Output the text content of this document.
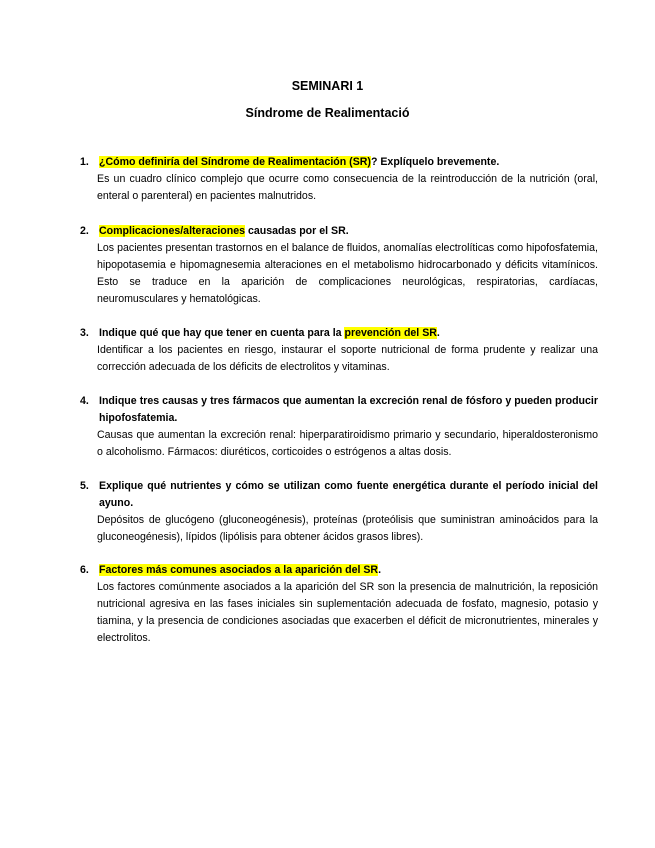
SEMINARI 1
Síndrome de Realimentació
1. ¿Cómo definiría del Síndrome de Realimentación (SR)? Explíquelo brevemente.
Es un cuadro clínico complejo que ocurre como consecuencia de la reintroducción de la nutrición (oral, enteral o parenteral) en pacientes malnutridos.
2. Complicaciones/alteraciones causadas por el SR.
Los pacientes presentan trastornos en el balance de fluidos, anomalías electrolíticas como hipofosfatemia, hipopotasemia e hipomagnesemia alteraciones en el metabolismo hidrocarbonado y déficits vitamínicos. Esto se traduce en la aparición de complicaciones neurológicas, respiratorias, cardíacas, neuromusculares y hematológicas.
3. Indique qué que hay que tener en cuenta para la prevención del SR.
Identificar a los pacientes en riesgo, instaurar el soporte nutricional de forma prudente y realizar una corrección adecuada de los déficits de electrolitos y vitaminas.
4. Indique tres causas y tres fármacos que aumentan la excreción renal de fósforo y pueden producir hipofosfatemia.
Causas que aumentan la excreción renal: hiperparatiroidismo primario y secundario, hiperaldosteronismo o alcoholismo. Fármacos: diuréticos, corticoides o estrógenos a altas dosis.
5. Explique qué nutrientes y cómo se utilizan como fuente energética durante el período inicial del ayuno.
Depósitos de glucógeno (gluconeogénesis), proteínas (proteólisis que suministran aminoácidos para la gluconeogénesis), lípidos (lipólisis para obtener ácidos grasos libres).
6. Factores más comunes asociados a la aparición del SR.
Los factores comúnmente asociados a la aparición del SR son la presencia de malnutrición, la reposición nutricional agresiva en las fases iniciales sin suplementación adecuada de fosfato, magnesio, potasio y tiamina, y la presencia de condiciones asociadas que exacerben el déficit de micronutrientes, minerales y electrolitos.
